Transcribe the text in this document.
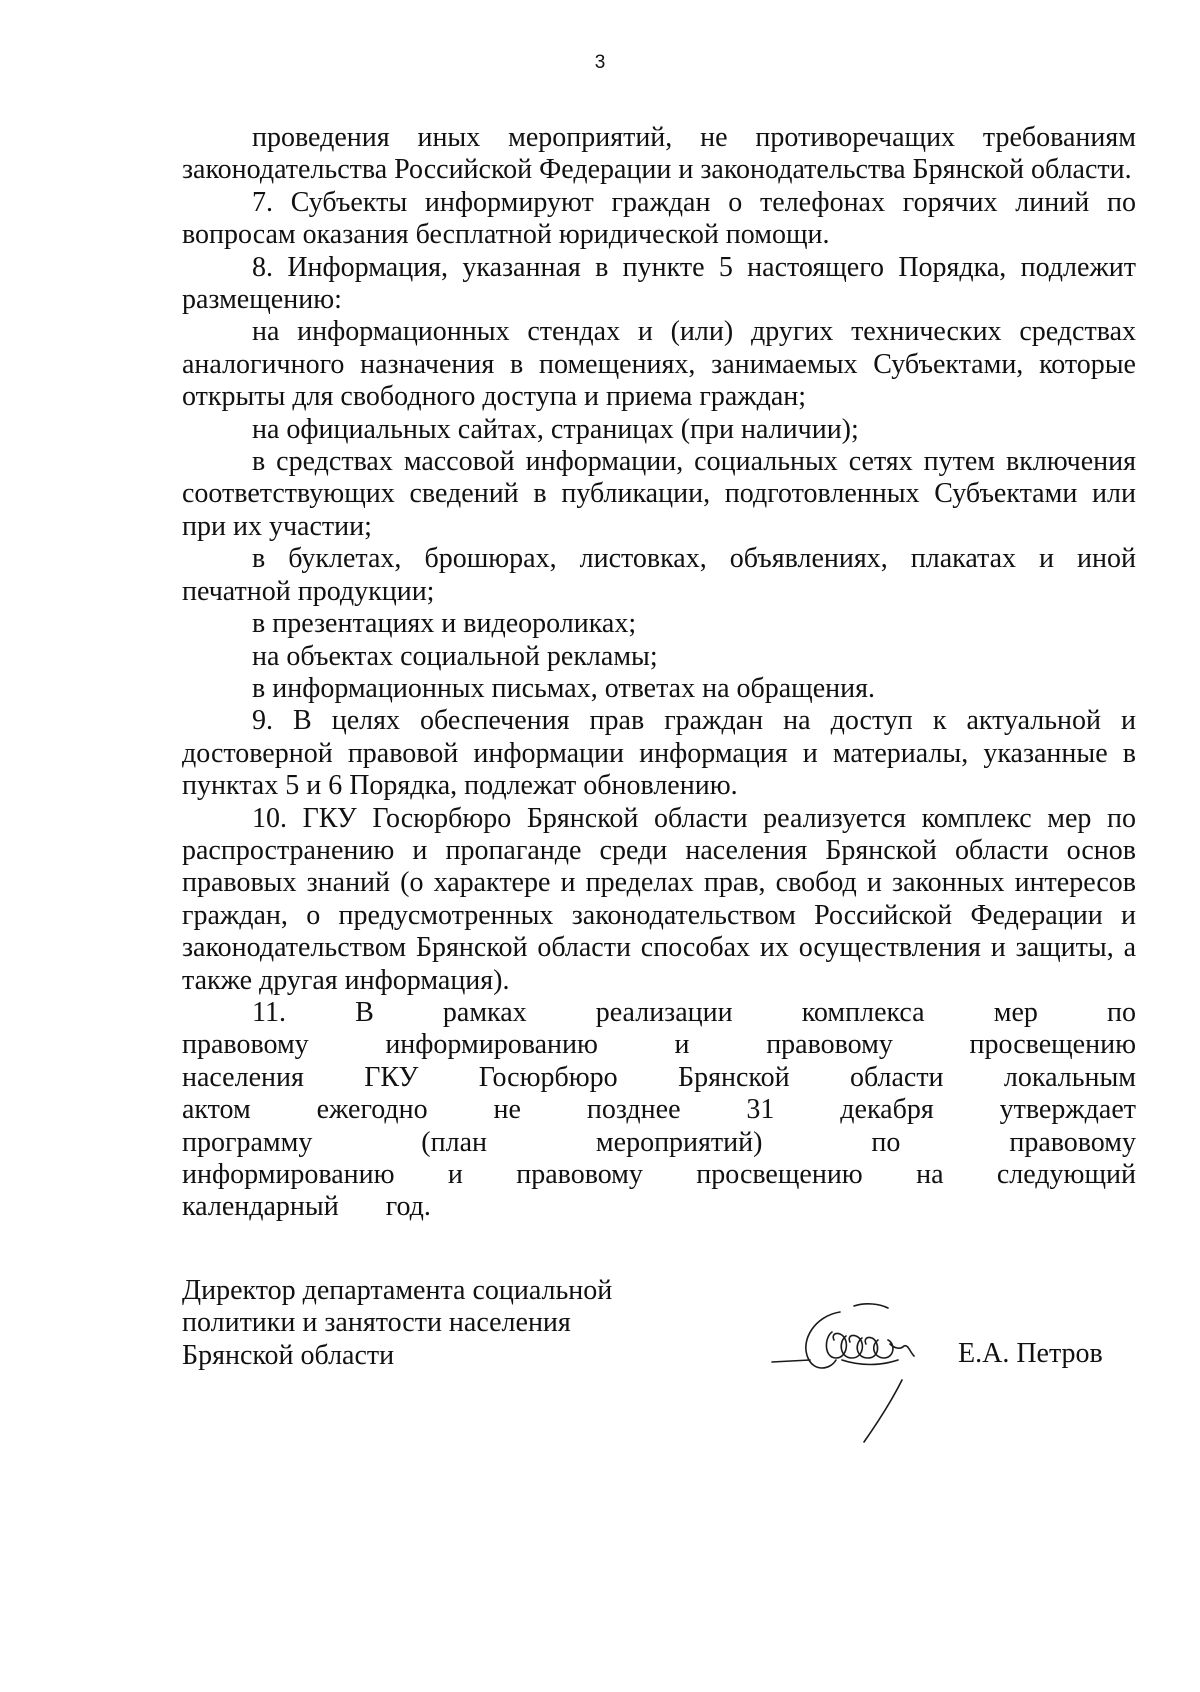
3

проведения иных мероприятий, не противоречащих требованиям законодательства Российской Федерации и законодательства Брянской области.

7. Субъекты информируют граждан о телефонах горячих линий по вопросам оказания бесплатной юридической помощи.

8. Информация, указанная в пункте 5 настоящего Порядка, подлежит размещению:

на информационных стендах и (или) других технических средствах аналогичного назначения в помещениях, занимаемых Субъектами, которые открыты для свободного доступа и приема граждан;

на официальных сайтах, страницах (при наличии);

в средствах массовой информации, социальных сетях путем включения соответствующих сведений в публикации, подготовленных Субъектами или при их участии;

в буклетах, брошюрах, листовках, объявлениях, плакатах и иной печатной продукции;

в презентациях и видеороликах;

на объектах социальной рекламы;

в информационных письмах, ответах на обращения.

9. В целях обеспечения прав граждан на доступ к актуальной и достоверной правовой информации информация и материалы, указанные в пунктах 5 и 6 Порядка, подлежат обновлению.

10. ГКУ Госюрбюро Брянской области реализуется комплекс мер по распространению и пропаганде среди населения Брянской области основ правовых знаний (о характере и пределах прав, свобод и законных интересов граждан, о предусмотренных законодательством Российской Федерации и законодательством Брянской области способах их осуществления и защиты, а также другая информация).

11. В рамках реализации комплекса мер по правовому информированию и правовому просвещению населения ГКУ Госюрбюро Брянской области локальным актом ежегодно не позднее 31 декабря утверждает программу (план мероприятий) по правовому информированию и правовому просвещению на следующий календарный год.

Директор департамента социальной
политики и занятости населения
Брянской области	Е.А. Петров
